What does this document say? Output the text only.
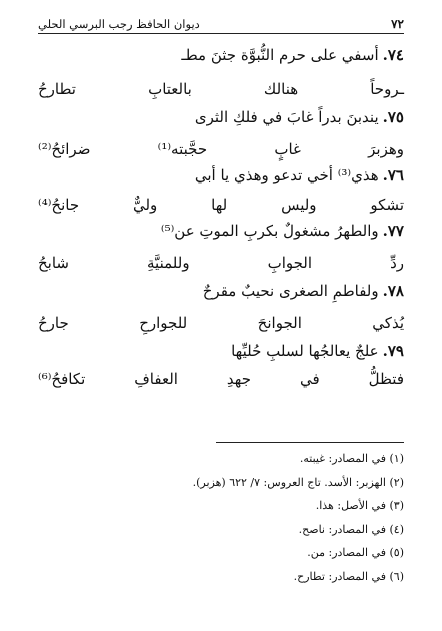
٧٢
ديوان الحافظ رجب البرسي الحلي
٧٤.أسفي على حرم النُّبوَّة جثنَ مطـ
ـروحاً هنالك بالعتابِ تطارحُ
٧٥.يندبنَ بدراً غابَ في فلكِ الثرى
وهزبرَ غابٍ حجَّبته⁽¹⁾ ضرائحُ⁽²⁾
٧٦.هذي⁽³⁾ أخي تدعو وهذي يا أبي
تشكو وليس لها وليٌّ جانحُ⁽⁴⁾
٧٧.والطهرُ مشغولٌ بكربِ الموتِ عن⁽⁵⁾
ردِّ الجوابِ وللمنيَّةِ شابحُ
٧٨.ولفاطمِ الصغرى نحيبٌ مقرحٌ
يُذكي الجوانحَ للجوارحِ جارحُ
٧٩.علجٌ يعالجُها لسلبِ حُليِّها
فتظلُّ في جهدِ العفافِ تكافحُ⁽⁶⁾
(١) في المصادر: غيبته.
(٢) الهزبر: الأسد. تاج العروس: ٧/ ٦٢٢ (هزبر).
(٣) في الأصل: هذا.
(٤) في المصادر: ناصح.
(٥) في المصادر: من.
(٦) في المصادر: تطارح.
